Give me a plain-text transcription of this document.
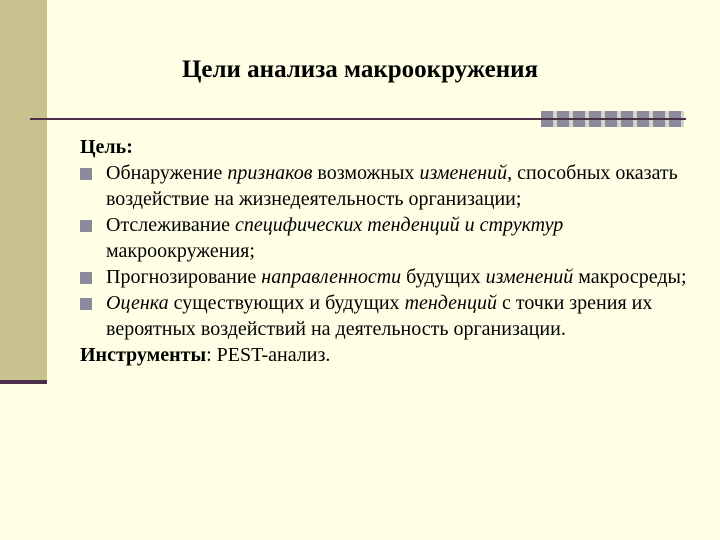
Цели анализа макроокружения
Цель:
Обнаружение признаков возможных изменений, способных оказать воздействие на жизнедеятельность организации;
Отслеживание специфических тенденций и структур макроокружения;
Прогнозирование направленности будущих изменений макросреды;
Оценка существующих и будущих тенденций с точки зрения их вероятных воздействий на деятельность организации.
Инструменты: PEST-анализ.
